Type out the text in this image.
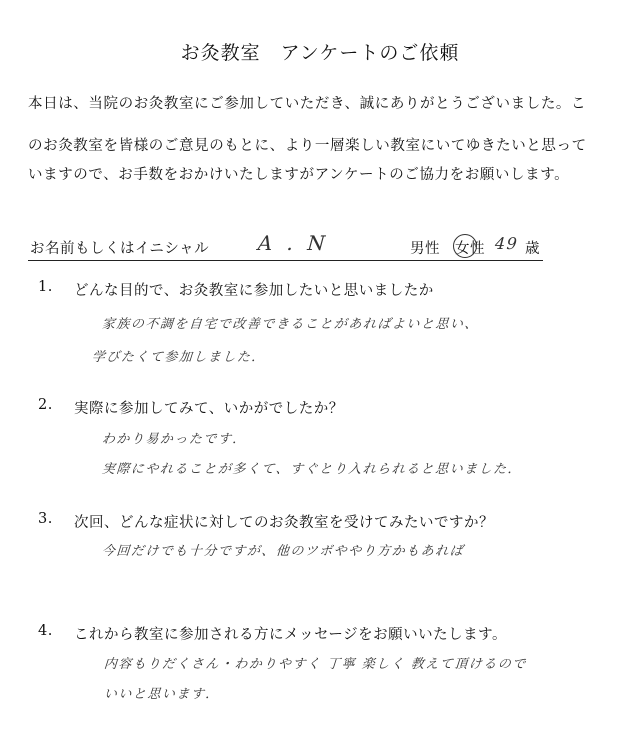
お灸教室　アンケートのご依頼
本日は、当院のお灸教室にご参加していただき、誠にありがとうございました。こ
のお灸教室を皆様のご意見のもとに、より一層楽しい教室にいてゆきたいと思って
いますので、お手数をおかけいたしますがアンケートのご協力をお願いします。
お名前もしくはイニシャル A . N	男性 女性 49 歳
1. どんな目的で、お灸教室に参加したいと思いましたか
家族の不調を自宅で改善できることがあればよいと思い、
学びたくて参加しました.
2. 実際に参加してみて、いかがでしたか？
わかり易かったです.
実際にやれることが多くて、すぐとり入れられると思いました.
3. 次回、どんな症状に対してのお灸教室を受けてみたいですか？
今回だけでも十分ですが、他のツボややり方かもあれば
4. これから教室に参加される方にメッセージをお願いいたします。
内容もりだくさん・わかりやすく 丁寧 楽しく 教えて頂けるので
いいと思います.
